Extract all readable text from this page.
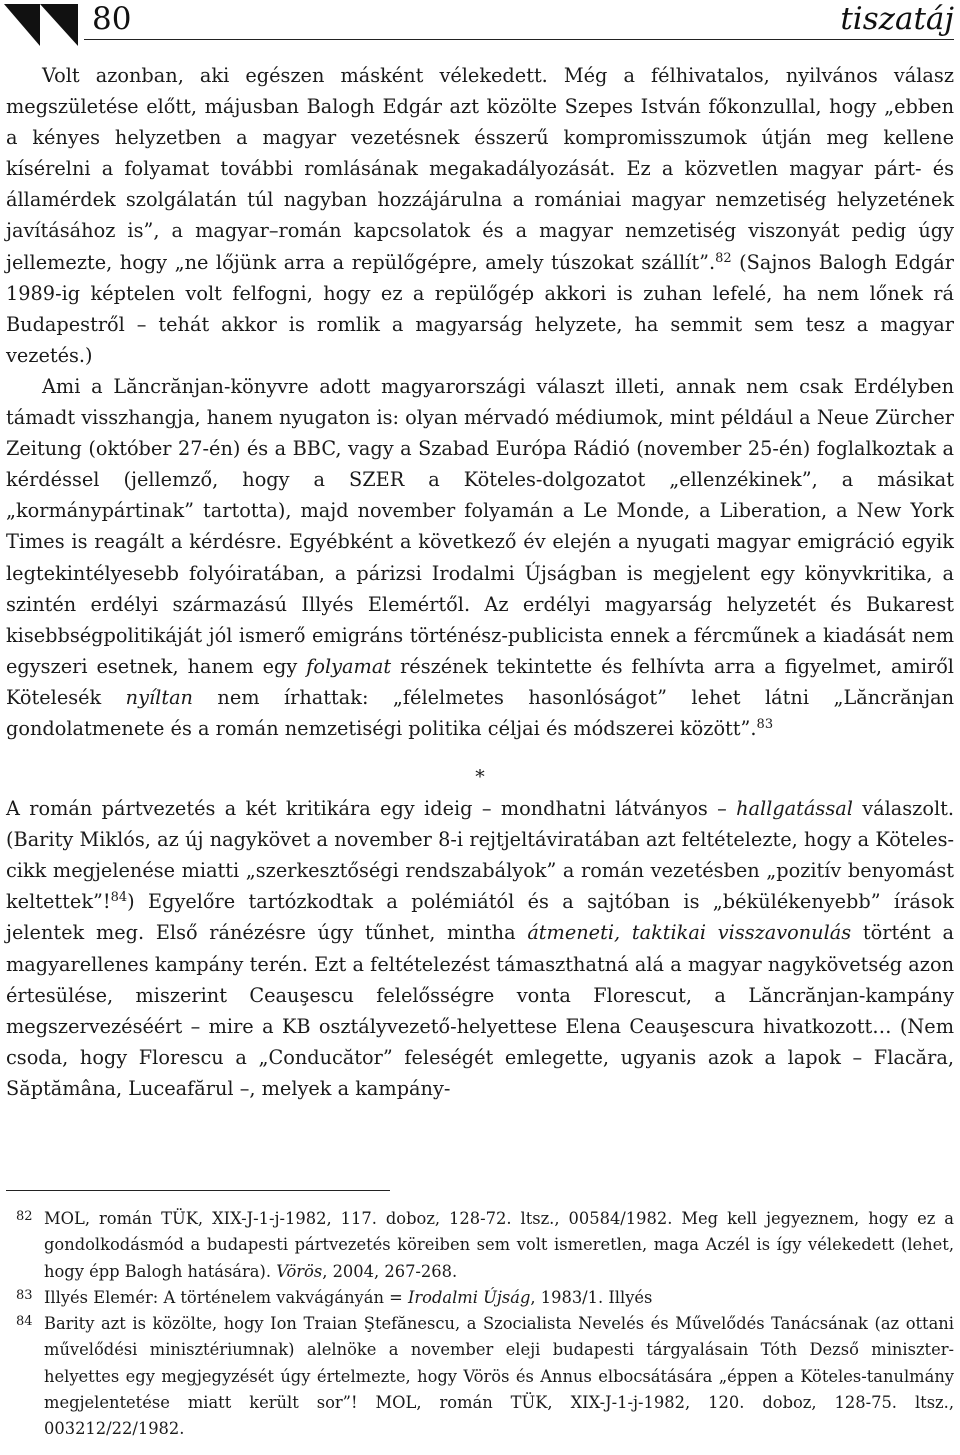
80	tiszatáj

Volt azonban, aki egészen másként vélekedett. Még a félhivatalos, nyilvános válasz megszületése előtt, májusban Balogh Edgár azt közölte Szepes István főkonzullal, hogy „ebben a kényes helyzetben a magyar vezetésnek ésszerű kompromisszumok útján meg kellene kísérelni a folyamat további romlásának megakadályozását. Ez a közvetlen magyar párt- és államérdek szolgálatán túl nagyban hozzájárulna a romániai magyar nemzetiség helyzetének javításához is”, a magyar–román kapcsolatok és a magyar nemzetiség viszonyát pedig úgy jellemezte, hogy „ne lőjünk arra a repülőgépre, amely túszokat szállít”.$^{82}$ (Sajnos Balogh Edgár 1989-ig képtelen volt felfogni, hogy ez a repülőgép akkori is zuhan lefelé, ha nem lőnek rá Budapestről – tehát akkor is romlik a magyarság helyzete, ha semmit sem tesz a magyar vezetés.)

Ami a Lăncrănjan-könyvre adott magyarországi választ illeti, annak nem csak Erdélyben támadt visszhangja, hanem nyugaton is: olyan mérvadó médiumok, mint például a Neue Zürcher Zeitung (október 27-én) és a BBC, vagy a Szabad Európa Rádió (november 25-én) foglalkoztak a kérdéssel (jellemző, hogy a SZER a Köteles-dolgozatot „ellenzékinek”, a másikat „kormánypártinak” tartotta), majd november folyamán a Le Monde, a Liberation, a New York Times is reagált a kérdésre. Egyébként a következő év elején a nyugati magyar emigráció egyik legtekintélyesebb folyóiratában, a párizsi Irodalmi Újságban is megjelent egy könyvkritika, a szintén erdélyi származású Illyés Elemértől. Az erdélyi magyarság helyzetét és Bukarest kisebbségpolitikáját jól ismerő emigráns történész-publicista ennek a fércműnek a kiadását nem egyszeri esetnek, hanem egy folyamat részének tekintette és felhívta arra a figyelmet, amiről Kötelesék nyíltan nem írhattak: „félelmetes hasonlóságot” lehet látni „Lăncrănjan gondolatmenete és a román nemzetiségi politika céljai és módszerei között”.$^{83}$

*

A román pártvezetés a két kritikára egy ideig – mondhatni látványos – hallgatással válaszolt. (Barity Miklós, az új nagykövet a november 8-i rejtjeltáviratában azt feltételezte, hogy a Köteles-cikk megjelenése miatti „szerkesztőségi rendszabályok” a román vezetésben „pozitív benyomást keltettek”!$^{84}$) Egyelőre tartózkodtak a polémiától és a sajtóban is „békülékenyebb” írások jelentek meg. Első ránézésre úgy tűnhet, mintha átmeneti, taktikai visszavonulás történt a magyarellenes kampány terén. Ezt a feltételezést támaszthatná alá a magyar nagykövetség azon értesülése, miszerint Ceauşescu felelősségre vonta Florescut, a Lăncrănjan-kampány megszervezéséért – mire a KB osztályvezető-helyettese Elena Ceauşescura hivatkozott… (Nem csoda, hogy Florescu a „Conducător” feleségét emlegette, ugyanis azok a lapok – Flacăra, Săptămâna, Luceafărul –, melyek a kampány-

82 MOL, román TÜK, XIX-J-1-j-1982, 117. doboz, 128-72. ltsz., 00584/1982. Meg kell jegyeznem, hogy ez a gondolkodásmód a budapesti pártvezetés köreiben sem volt ismeretlen, maga Aczél is így vélekedett (lehet, hogy épp Balogh hatására). Vörös, 2004, 267-268.
83 Illyés Elemér: A történelem vakvágányán = Irodalmi Újság, 1983/1. Illyés
84 Barity azt is közölte, hogy Ion Traian Ştefănescu, a Szocialista Nevelés és Művelődés Tanácsának (az ottani művelődési minisztériumnak) alelnöke a november eleji budapesti tárgyalásain Tóth Dezső miniszter-helyettes egy megjegyzését úgy értelmezte, hogy Vörös és Annus elbocsátására „éppen a Köteles-tanulmány megjelentetése miatt került sor”! MOL, román TÜK, XIX-J-1-j-1982, 120. doboz, 128-75. ltsz., 003212/22/1982.
